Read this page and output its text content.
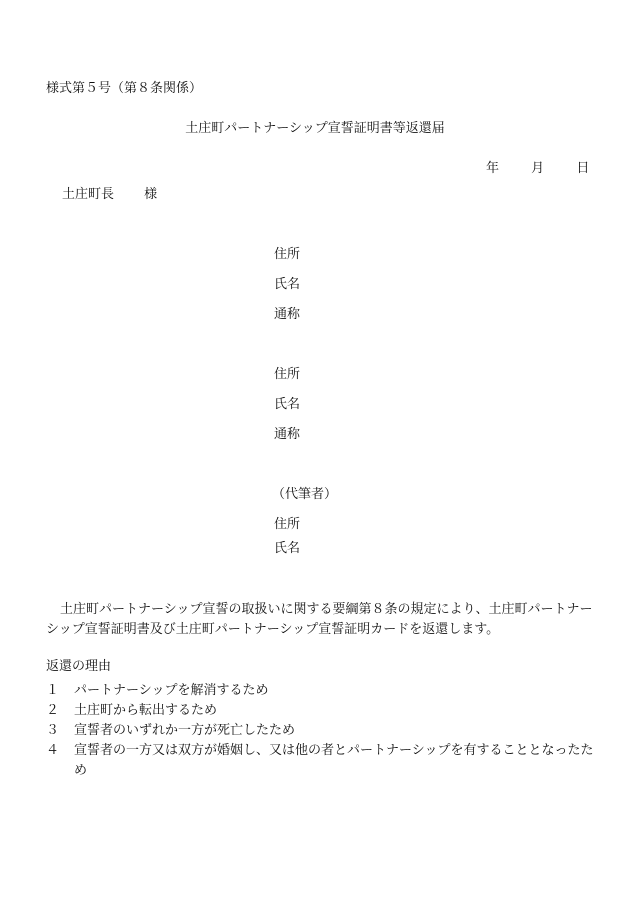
様式第５号（第８条関係）
土庄町パートナーシップ宣誓証明書等返還届
年 月 日
土庄町長 様
住所
氏名
通称
住所
氏名
通称
（代筆者）
住所
氏名
土庄町パートナーシップ宣誓の取扱いに関する要綱第８条の規定により、土庄町パートナーシップ宣誓証明書及び土庄町パートナーシップ宣誓証明カードを返還します。
返還の理由
１	パートナーシップを解消するため
２	土庄町から転出するため
３	宣誓者のいずれか一方が死亡したため
４	宣誓者の一方又は双方が婚姻し、又は他の者とパートナーシップを有することとなったため
